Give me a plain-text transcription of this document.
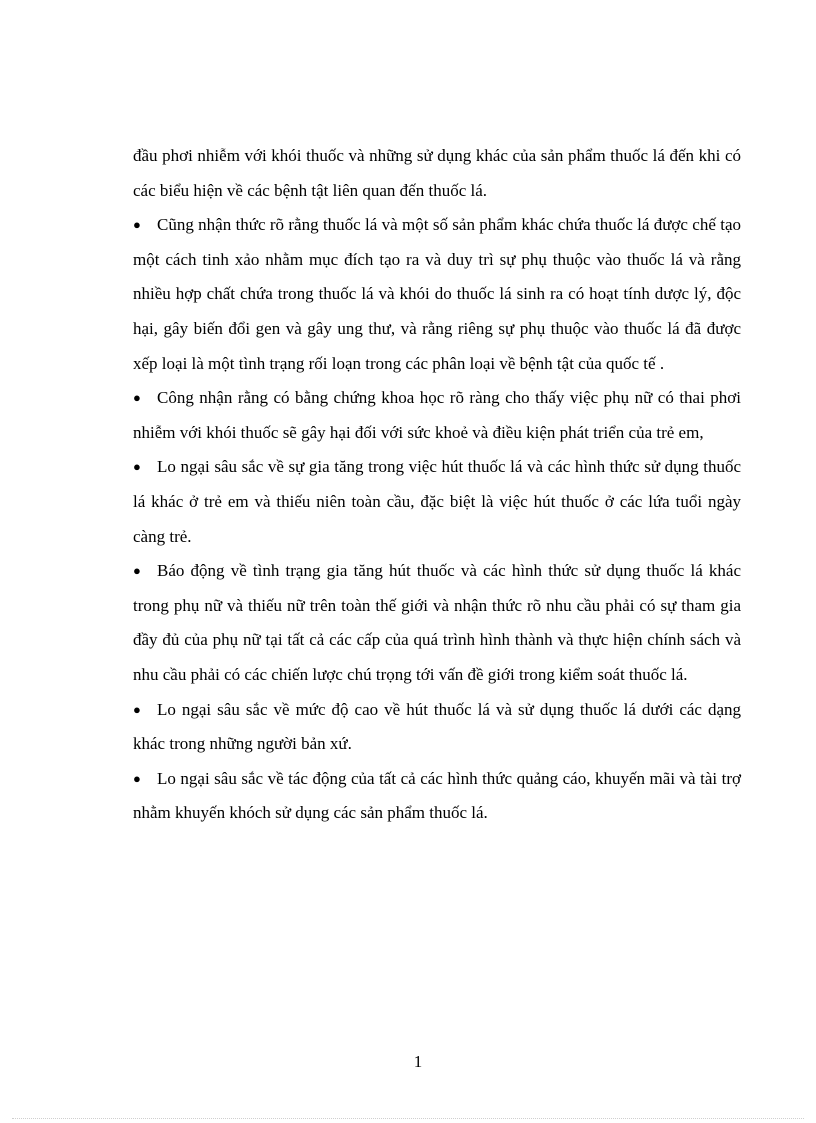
đầu phơi nhiễm với khói thuốc và những sử dụng khác của sản phẩm thuốc lá đến khi có các biểu hiện về các bệnh tật liên quan đến thuốc lá.

● Cũng nhận thức rõ rằng thuốc lá và một số sản phẩm khác chứa thuốc lá được chế tạo một cách tinh xảo nhằm mục đích tạo ra và duy trì sự phụ thuộc vào thuốc lá và rằng nhiều hợp chất chứa trong thuốc lá và khói do thuốc lá sinh ra có hoạt tính dược lý, độc hại, gây biến đổi gen và gây ung thư, và rằng riêng sự phụ thuộc vào thuốc lá đã được xếp loại là một tình trạng rối loạn trong các phân loại về bệnh tật của quốc tế .

● Công nhận rằng có bằng chứng khoa học rõ ràng cho thấy việc phụ nữ có thai phơi nhiễm với khói thuốc sẽ gây hại đối với sức khoẻ và điều kiện phát triển của trẻ em,

● Lo ngại sâu sắc về sự gia tăng trong việc hút thuốc lá và các hình thức sử dụng thuốc lá khác ở trẻ em và thiếu niên toàn cầu, đặc biệt là việc hút thuốc ở các lứa tuổi ngày càng trẻ.

● Báo động về tình trạng gia tăng hút thuốc và các hình thức sử dụng thuốc lá khác trong phụ nữ và thiếu nữ trên toàn thế giới và nhận thức rõ nhu cầu phải có sự tham gia đầy đủ của phụ nữ tại tất cả các cấp của quá trình hình thành và thực hiện chính sách và nhu cầu phải có các chiến lược chú trọng tới vấn đề giới trong kiểm soát thuốc lá.

● Lo ngại sâu sắc về mức độ cao về hút thuốc lá và sử dụng thuốc lá dưới các dạng khác trong những người bản xứ.

● Lo ngại sâu sắc về tác động của tất cả các hình thức quảng cáo, khuyến mãi và tài trợ nhằm khuyến khóch sử dụng các sản phẩm thuốc lá.

1
